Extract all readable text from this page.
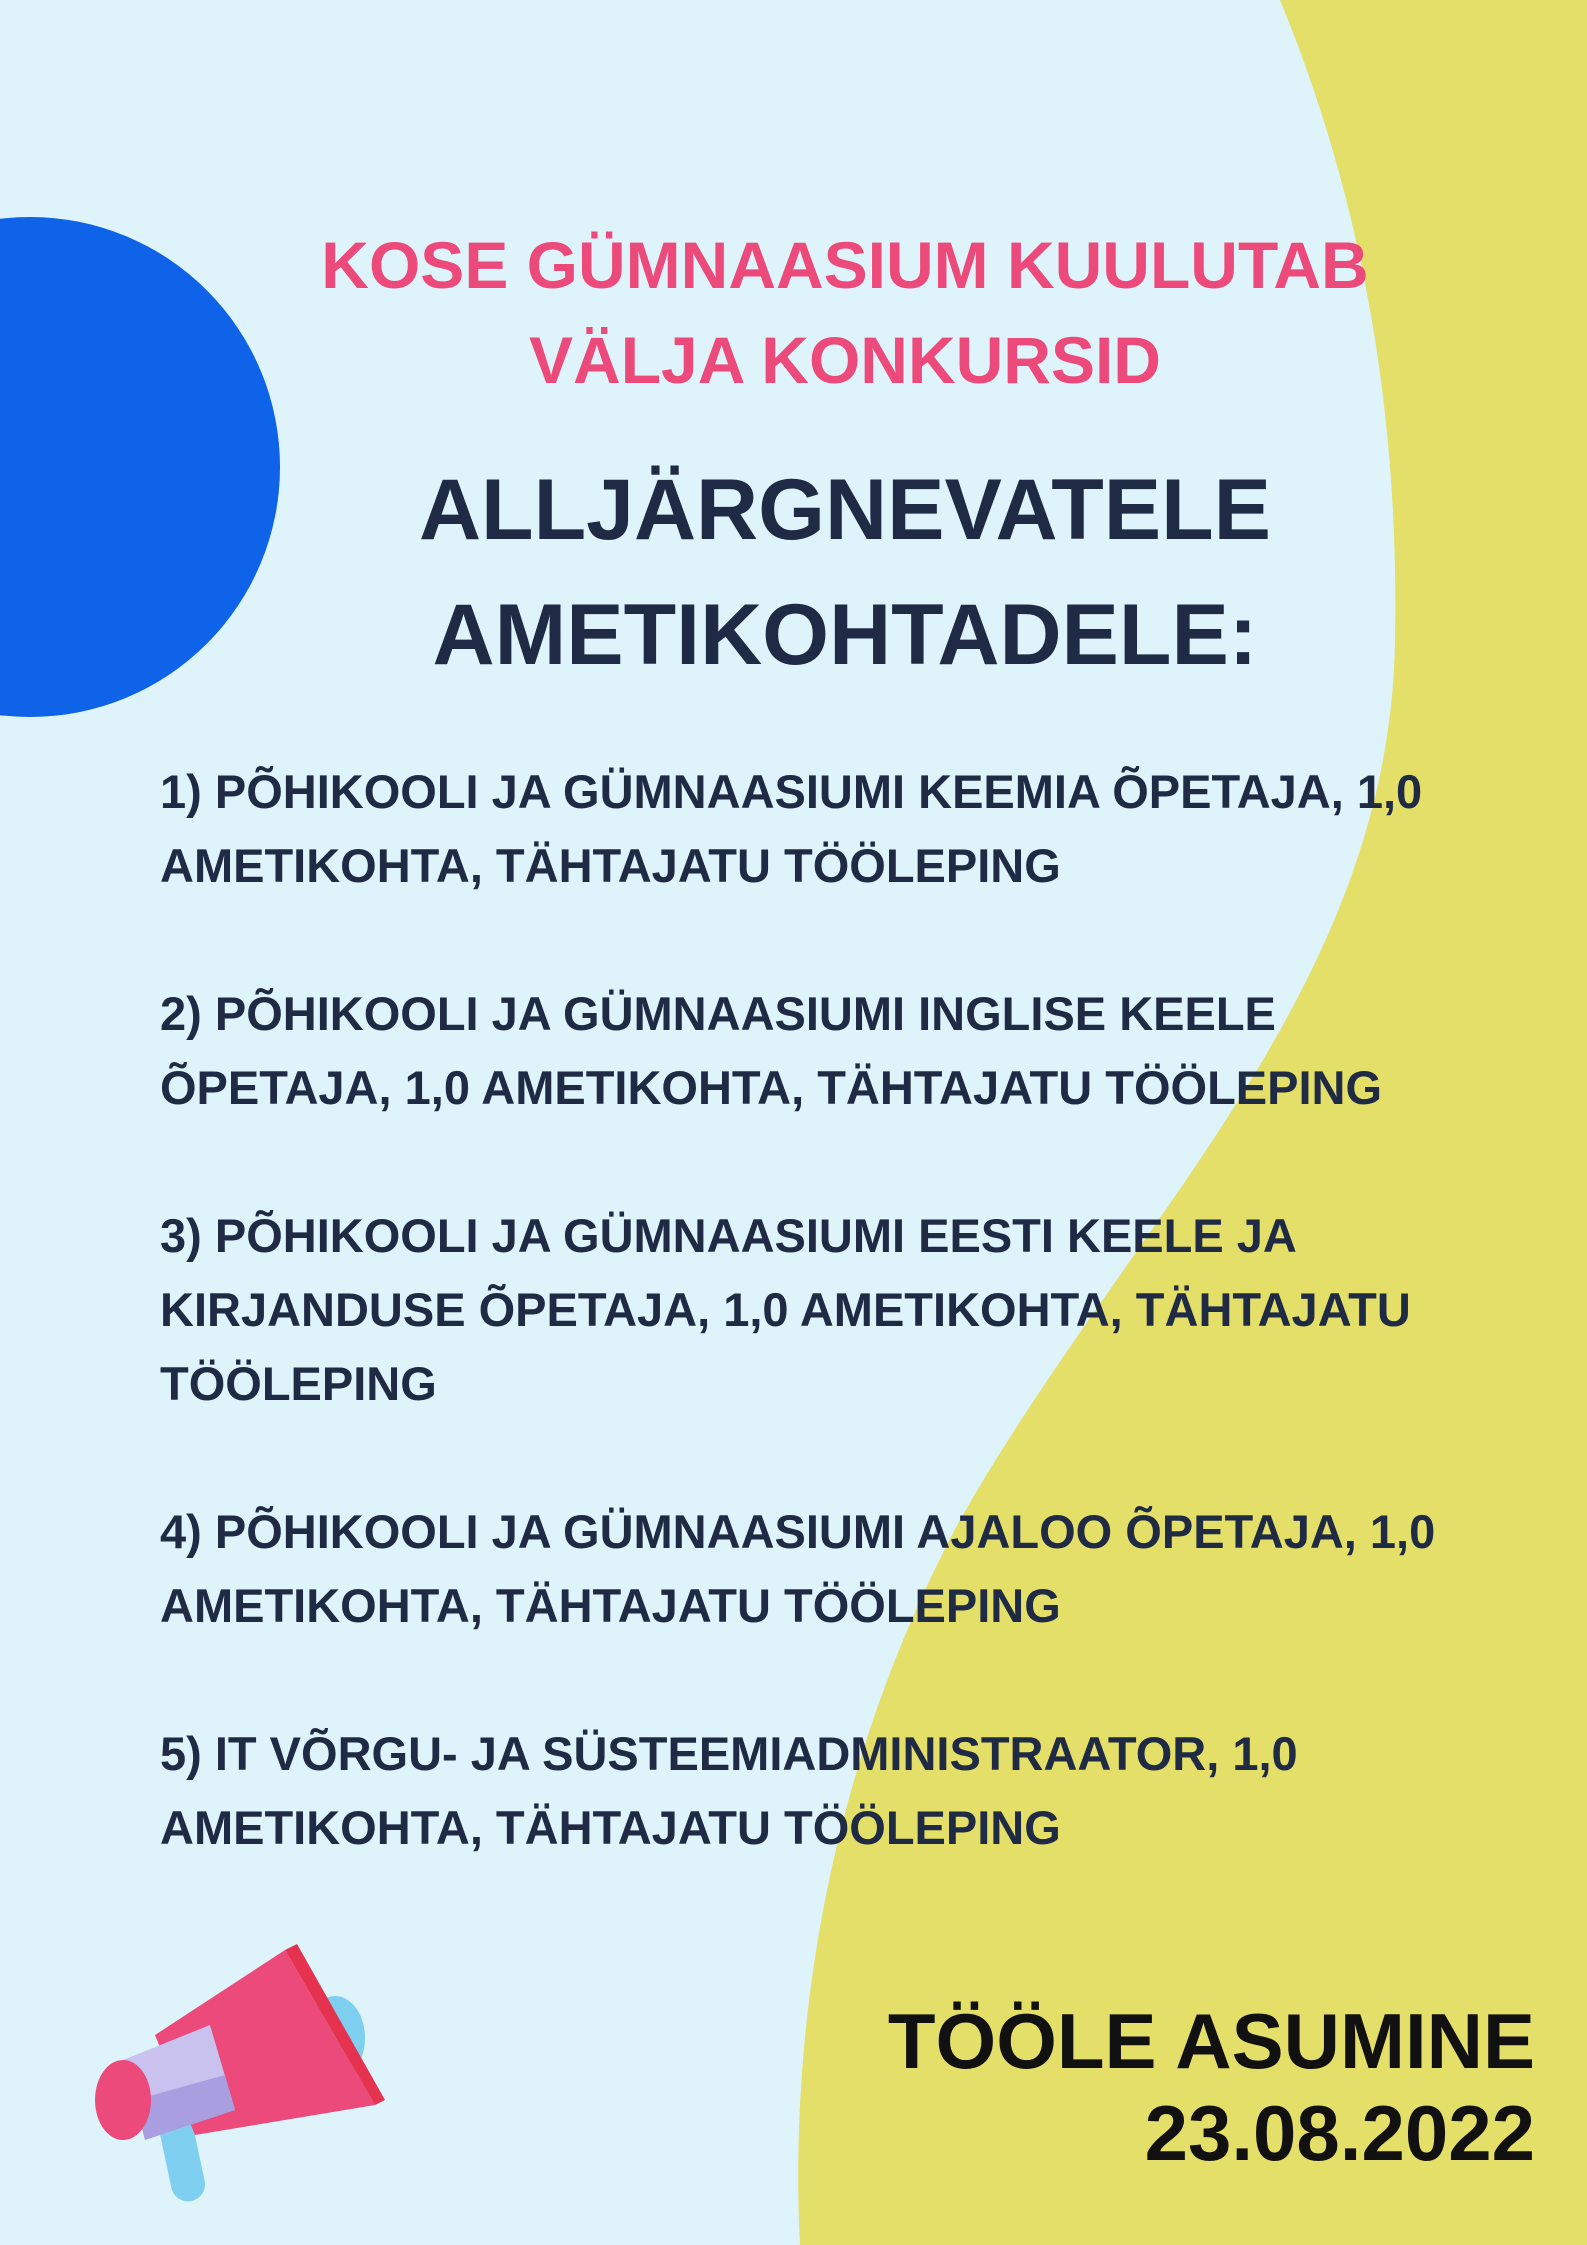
KOSE GÜMNAASIUM KUULUTAB
VÄLJA KONKURSID
ALLJÄRGNEVATELE
AMETIKOHTADELE:
1) PÕHIKOOLI JA GÜMNAASIUMI KEEMIA ÕPETAJA, 1,0 AMETIKOHTA, TÄHTAJATU TÖÖLEPING
2) PÕHIKOOLI JA GÜMNAASIUMI INGLISE KEELE ÕPETAJA, 1,0 AMETIKOHTA, TÄHTAJATU TÖÖLEPING
3) PÕHIKOOLI JA GÜMNAASIUMI EESTI KEELE JA KIRJANDUSE ÕPETAJA, 1,0 AMETIKOHTA, TÄHTAJATU TÖÖLEPING
4) PÕHIKOOLI JA GÜMNAASIUMI AJALOO ÕPETAJA, 1,0 AMETIKOHTA, TÄHTAJATU TÖÖLEPING
5) IT VÕRGU- JA SÜSTEEMIADMINISTRAATOR, 1,0 AMETIKOHTA, TÄHTAJATU TÖÖLEPING
TÖÖLE ASUMINE
23.08.2022
